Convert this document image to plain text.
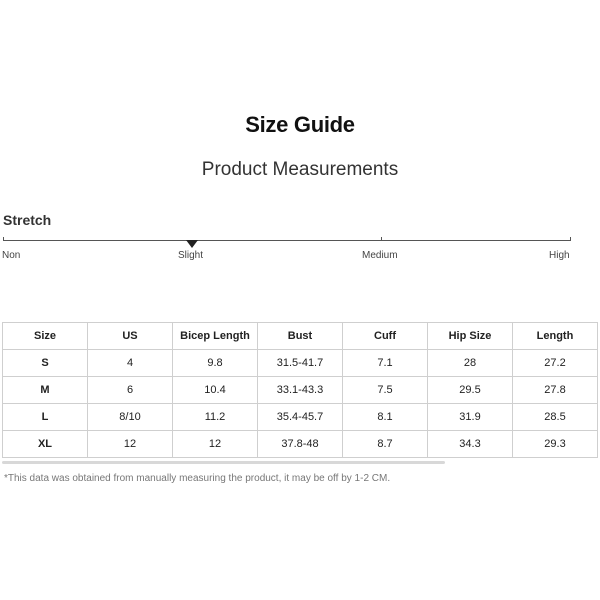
Size Guide
Product Measurements
Stretch
Non	Slight	Medium	High
Size	US	Bicep Length	Bust	Cuff	Hip Size	Length
S	4	9.8	31.5-41.7	7.1	28	27.2
M	6	10.4	33.1-43.3	7.5	29.5	27.8
L	8/10	11.2	35.4-45.7	8.1	31.9	28.5
XL	12	12	37.8-48	8.7	34.3	29.3
*This data was obtained from manually measuring the product, it may be off by 1-2 CM.
